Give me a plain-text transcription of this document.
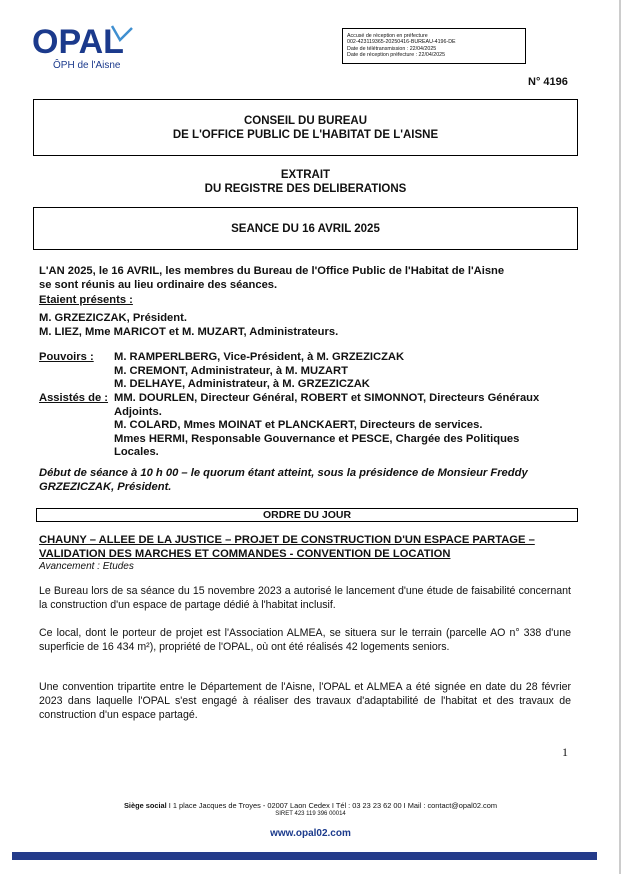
OPAL
ÔPH de l'Aisne
Accusé de réception en préfecture
002-423119365-20250416-BUREAU-4196-DE
Date de télétransmission : 22/04/2025
Date de réception préfecture : 22/04/2025
N° 4196
CONSEIL DU BUREAU
DE L'OFFICE PUBLIC DE L'HABITAT DE L'AISNE
EXTRAIT
DU REGISTRE DES DELIBERATIONS
SEANCE DU 16 AVRIL 2025
L'AN 2025, le 16 AVRIL, les membres du Bureau de l'Office Public de l'Habitat de l'Aisne
se sont réunis au lieu ordinaire des séances.
Etaient présents :
M. GRZEZICZAK, Président.
M. LIEZ, Mme MARICOT et M. MUZART, Administrateurs.
Pouvoirs : M. RAMPERLBERG, Vice-Président, à M. GRZEZICZAK
M. CREMONT, Administrateur, à M. MUZART
M. DELHAYE, Administrateur, à M. GRZEZICZAK
Assistés de : MM. DOURLEN, Directeur Général, ROBERT et SIMONNOT, Directeurs Généraux
Adjoints.
M. COLARD, Mmes MOINAT et PLANCKAERT, Directeurs de services.
Mmes HERMI, Responsable Gouvernance et PESCE, Chargée des Politiques
Locales.
Début de séance à 10 h 00 – le quorum étant atteint, sous la présidence de Monsieur Freddy
GRZEZICZAK, Président.
ORDRE DU JOUR
CHAUNY – ALLEE DE LA JUSTICE – PROJET DE CONSTRUCTION D'UN ESPACE PARTAGE –
VALIDATION DES MARCHES ET COMMANDES - CONVENTION DE LOCATION
Avancement : Etudes
Le Bureau lors de sa séance du 15 novembre 2023 a autorisé le lancement d'une étude de faisabilité concernant la construction d'un espace de partage dédié à l'habitat inclusif.
Ce local, dont le porteur de projet est l'Association ALMEA, se situera sur le terrain (parcelle AO n° 338 d'une superficie de 16 434 m²), propriété de l'OPAL, où ont été réalisés 42 logements seniors.
Une convention tripartite entre le Département de l'Aisne, l'OPAL et ALMEA a été signée en date du 28 février 2023 dans laquelle l'OPAL s'est engagé à réaliser des travaux d'adaptabilité de l'habitat et des travaux de construction d'un espace partagé.
1
Siège social I 1 place Jacques de Troyes - 02007 Laon Cedex I Tél : 03 23 23 62 00 I Mail : contact@opal02.com
SIRET 423 119 396 00014
www.opal02.com
